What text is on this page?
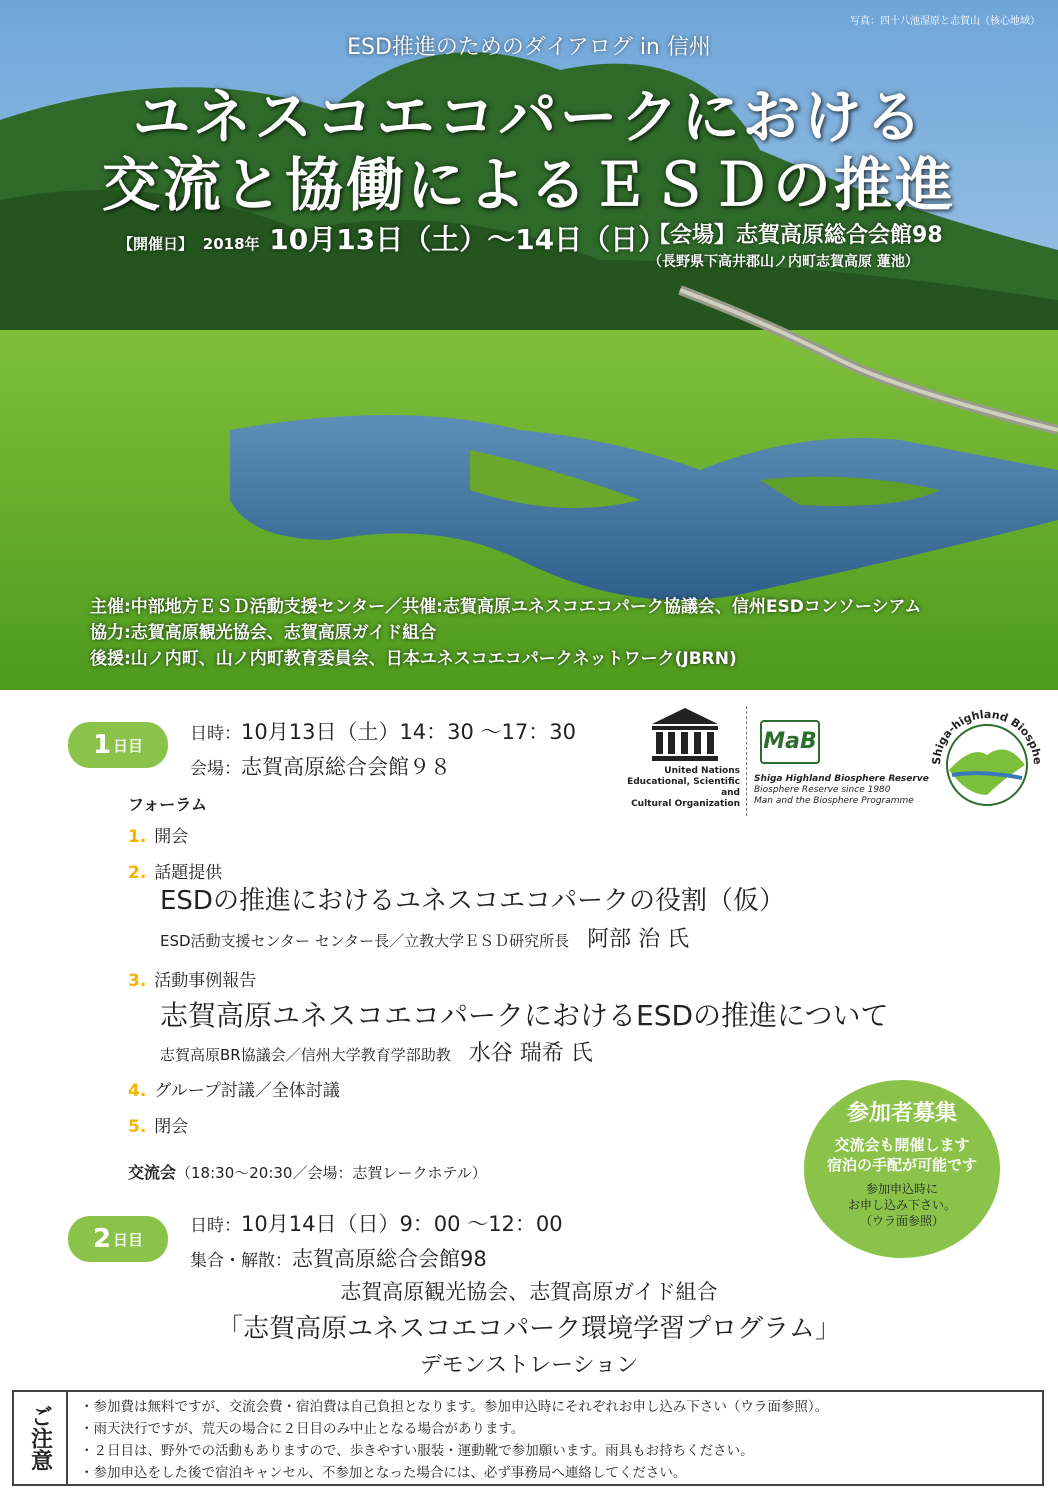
写真：四十八池湿原と志賀山（核心地域）
ESD推進のためのダイアログ in 信州
ユネスコエコパークにおける
交流と協働によるＥＳＤの推進
【開催日】 2018年 10月13日（土）〜14日（日）
【会場】志賀高原総合会館98
（長野県下高井郡山ノ内町志賀高原 蓮池）
主催:中部地方ＥＳＤ活動支援センター／共催:志賀高原ユネスコエコパーク協議会、信州ESDコンソーシアム
協力:志賀高原観光協会、志賀高原ガイド組合
後援:山ノ内町、山ノ内町教育委員会、日本ユネスコエコパークネットワーク(JBRN)
United Nations
Educational, Scientific and
Cultural Organization
MaB
Shiga Highland Biosphere Reserve
Biosphere Reserve since 1980
Man and the Biosphere Programme
Shiga-highland Biosphe
1 日目
日時：10月13日（土）14：30 〜17：30
会場：志賀高原総合会館９８
フォーラム
1. 開会
2. 話題提供
ESDの推進におけるユネスコエコパークの役割（仮）
ESD活動支援センター センター長／立教大学ＥＳＤ研究所長 阿部 治 氏
3. 活動事例報告
志賀高原ユネスコエコパークにおけるESDの推進について
志賀高原BR協議会／信州大学教育学部助教 水谷 瑞希 氏
4. グループ討議／全体討議
5. 閉会
交流会（18:30〜20:30／会場：志賀レークホテル）
参加者募集
交流会も開催します
宿泊の手配が可能です
参加申込時に
お申し込み下さい。
（ウラ面参照）
2 日目
日時：10月14日（日）9：00 〜12：00
集合・解散：志賀高原総合会館98
志賀高原観光協会、志賀高原ガイド組合
「志賀高原ユネスコエコパーク環境学習プログラム」
デモンストレーション
ご注意	・参加費は無料ですが、交流会費・宿泊費は自己負担となります。参加申込時にそれぞれお申し込み下さい（ウラ面参照）。
・雨天決行ですが、荒天の場合に２日目のみ中止となる場合があります。
・２日目は、野外での活動もありますので、歩きやすい服装・運動靴で参加願います。雨具もお持ちください。
・参加申込をした後で宿泊キャンセル、不参加となった場合には、必ず事務局へ連絡してください。
